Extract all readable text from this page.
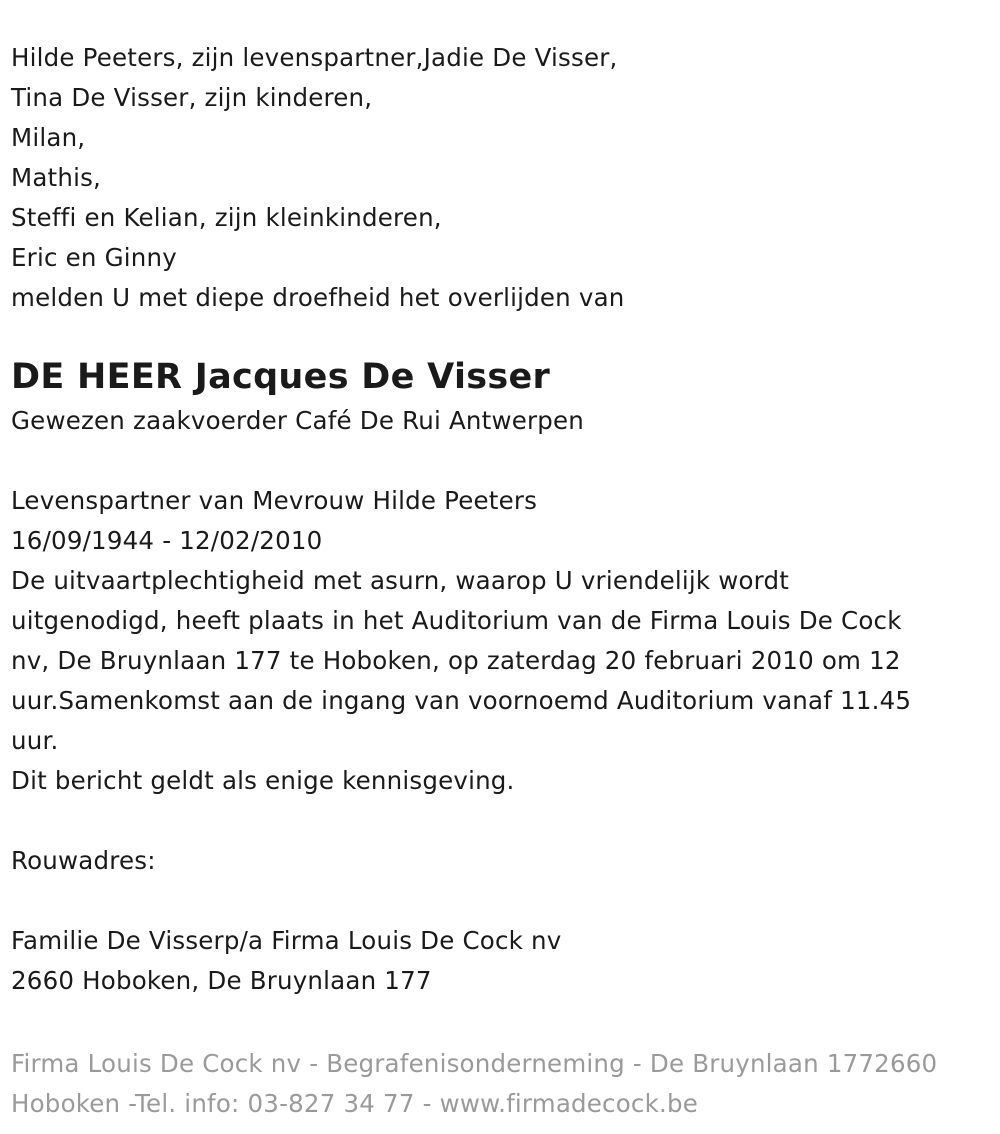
Hilde Peeters, zijn levenspartner,Jadie De Visser,
Tina De Visser, zijn kinderen,
Milan,
Mathis,
Steffi en Kelian, zijn kleinkinderen,
Eric en Ginny
melden U met diepe droefheid het overlijden van
DE HEER Jacques De Visser
Gewezen zaakvoerder Café De Rui Antwerpen
Levenspartner van Mevrouw Hilde Peeters
16/09/1944 - 12/02/2010
De uitvaartplechtigheid met asurn, waarop U vriendelijk wordt
uitgenodigd, heeft plaats in het Auditorium van de Firma Louis De Cock
nv, De Bruynlaan 177 te Hoboken, op zaterdag 20 februari 2010 om 12
uur.Samenkomst aan de ingang van voornoemd Auditorium vanaf 11.45
uur.
Dit bericht geldt als enige kennisgeving.
Rouwadres:
Familie De Visserp/a Firma Louis De Cock nv
2660 Hoboken, De Bruynlaan 177
Firma Louis De Cock nv - Begrafenisonderneming - De Bruynlaan 1772660
Hoboken -Tel. info: 03-827 34 77 - www.firmadecock.be
